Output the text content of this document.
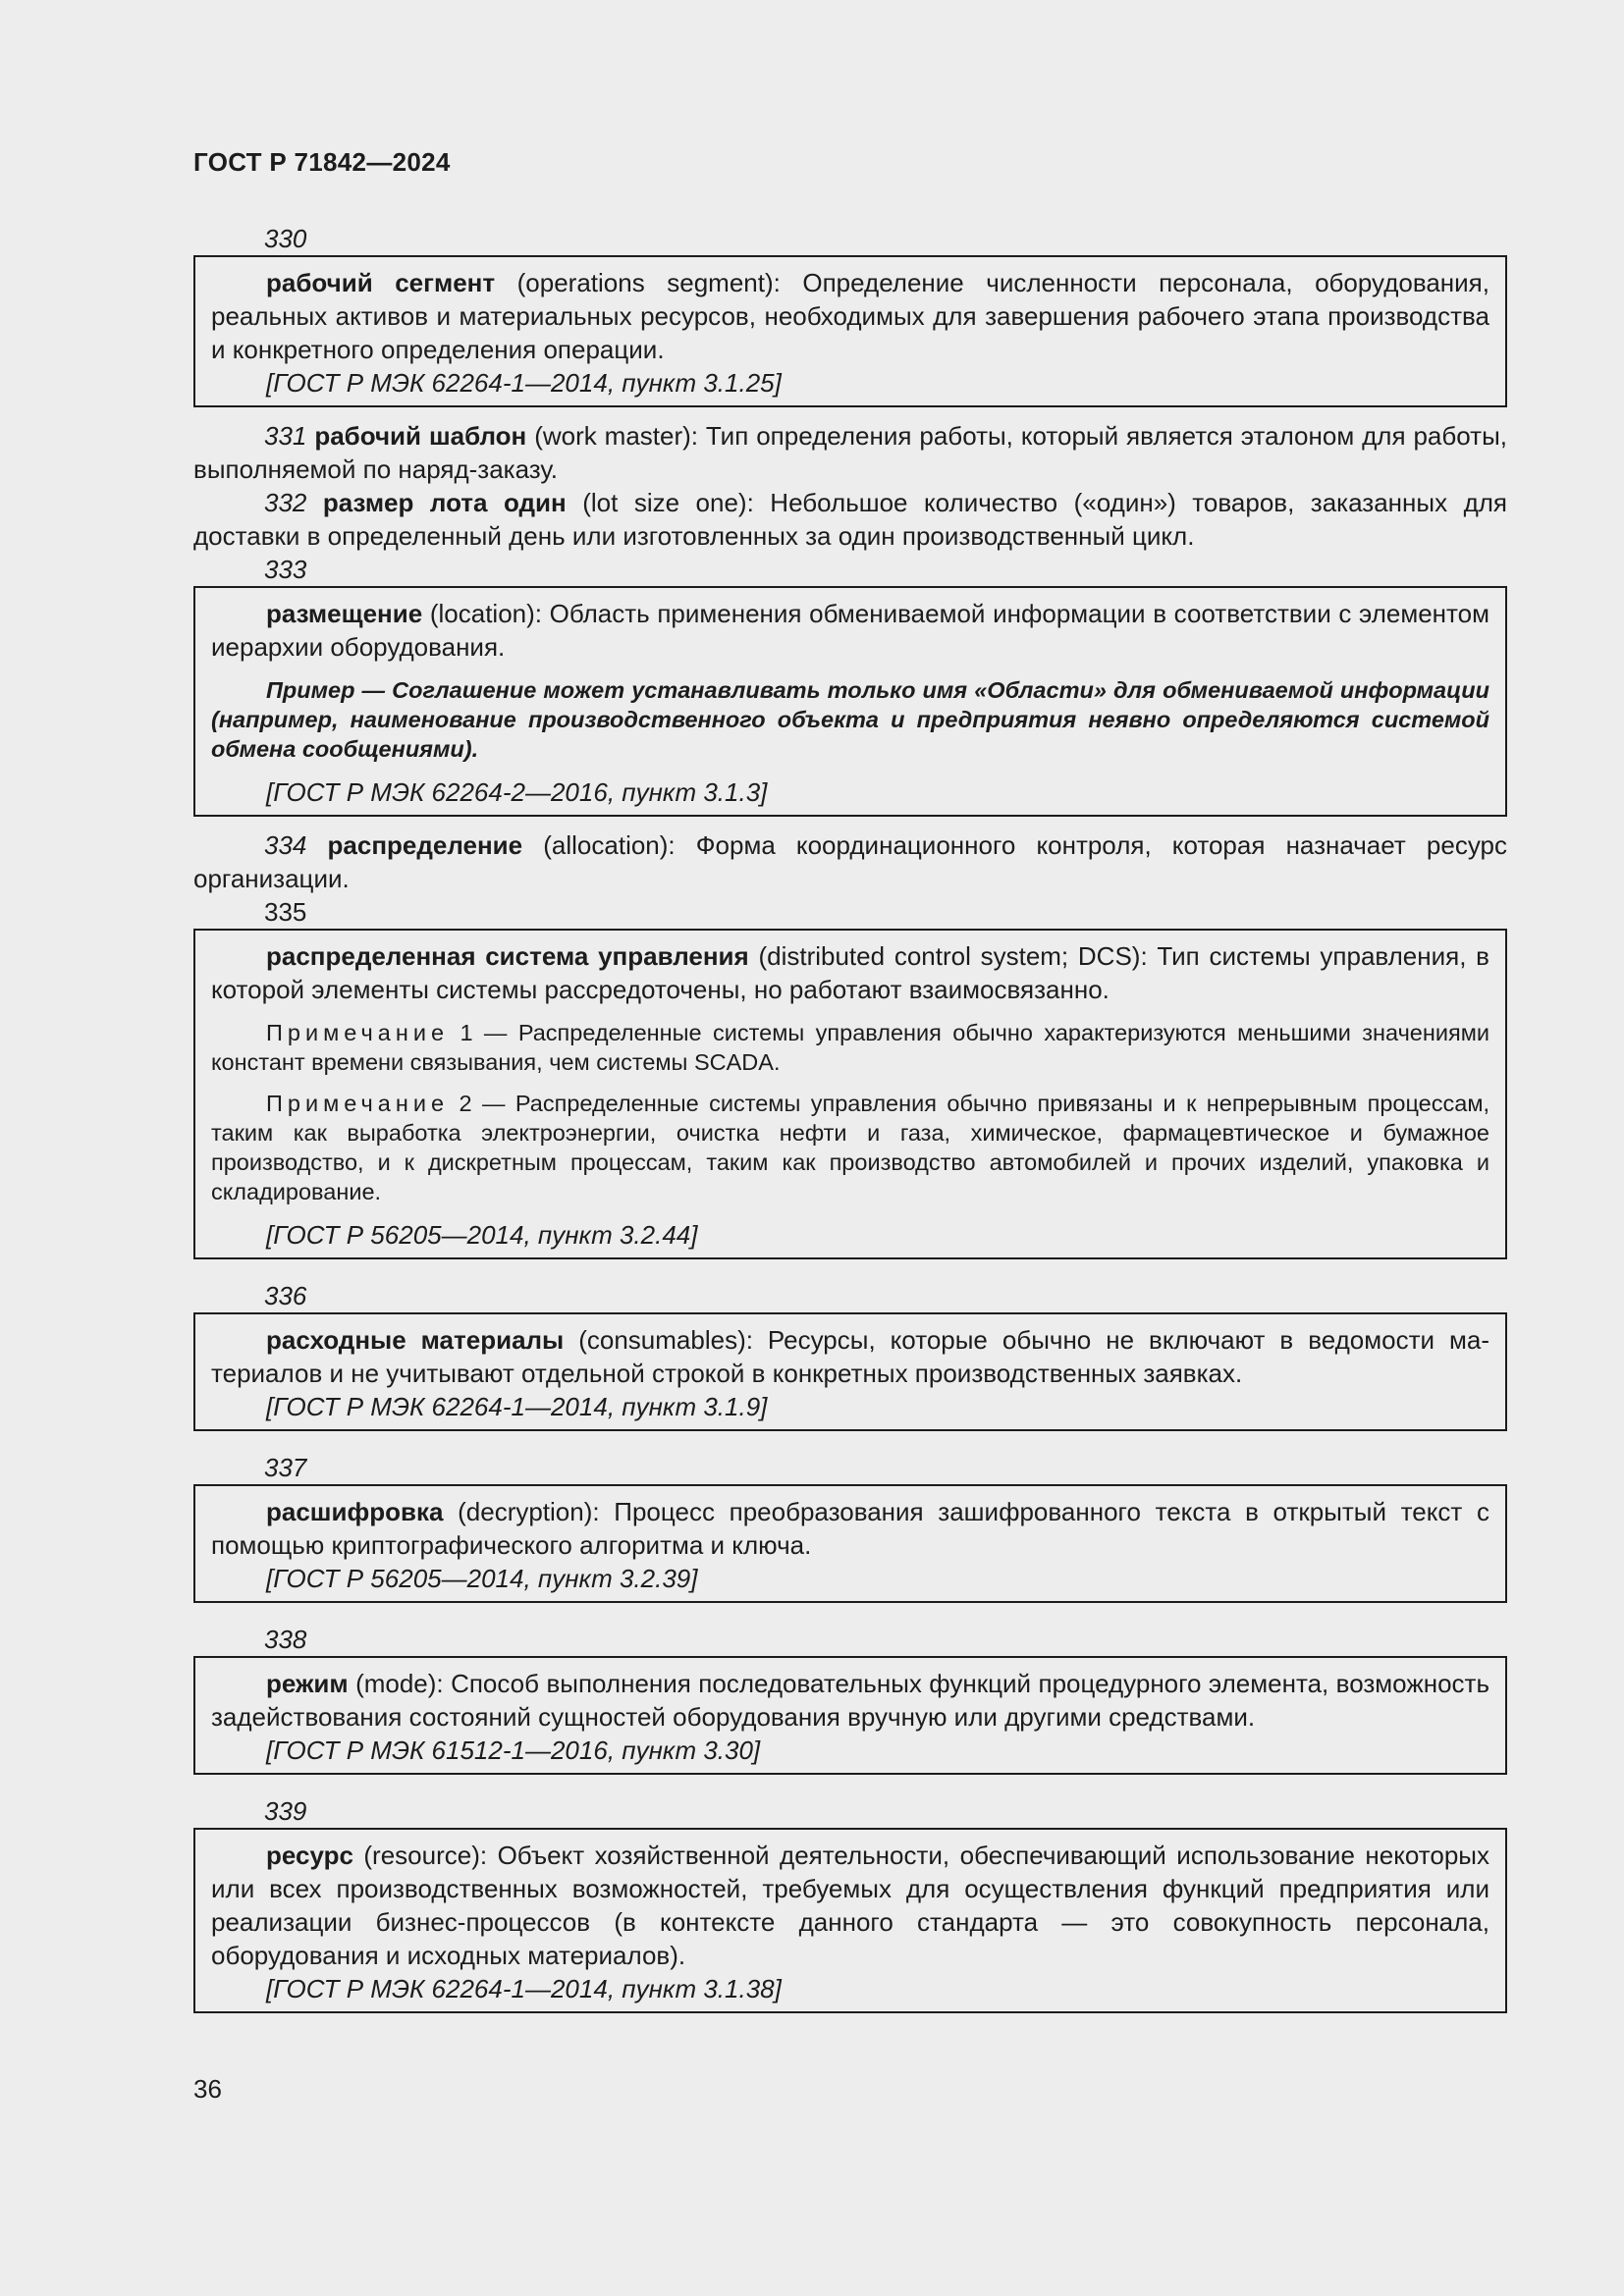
ГОСТ Р 71842—2024
330

рабочий сегмент (operations segment): Определение численности персонала, оборудования, реальных активов и материальных ресурсов, необходимых для завершения рабочего этапа производства и конкретного определения операции.

[ГОСТ Р МЭК 62264-1—2014, пункт 3.1.25]

331 рабочий шаблон (work master): Тип определения работы, который является эталоном для работы, выполняемой по наряд-заказу.

332 размер лота один (lot size one): Небольшое количество («один») товаров, заказанных для доставки в определенный день или изготовленных за один производственный цикл.

333

размещение (location): Область применения обмениваемой информации в соответствии с элементом иерархии оборудования.

Пример — Соглашение может устанавливать только имя «Области» для обмениваемой информации (например, наименование производственного объекта и предприятия неявно определяются системой обмена сообщениями).

[ГОСТ Р МЭК 62264-2—2016, пункт 3.1.3]

334 распределение (allocation): Форма координационного контроля, которая назначает ресурс организации.

335

распределенная система управления (distributed control system; DCS): Тип системы управления, в которой элементы системы рассредоточены, но работают взаимосвязанно.

Примечание 1 — Распределенные системы управления обычно характеризуются меньшими значениями констант времени связывания, чем системы SCADA.

Примечание 2 — Распределенные системы управления обычно привязаны и к непрерывным процессам, таким как выработка электроэнергии, очистка нефти и газа, химическое, фармацевтическое и бумажное производство, и к дискретным процессам, таким как производство автомобилей и прочих изделий, упаковка и складирование.

[ГОСТ Р 56205—2014, пункт 3.2.44]

336

расходные материалы (consumables): Ресурсы, которые обычно не включают в ведомости материалов и не учитывают отдельной строкой в конкретных производственных заявках.

[ГОСТ Р МЭК 62264-1—2014, пункт 3.1.9]

337

расшифровка (decryption): Процесс преобразования зашифрованного текста в открытый текст с помощью криптографического алгоритма и ключа.

[ГОСТ Р 56205—2014, пункт 3.2.39]

338

режим (mode): Способ выполнения последовательных функций процедурного элемента, возможность задействования состояний сущностей оборудования вручную или другими средствами.

[ГОСТ Р МЭК 61512-1—2016, пункт 3.30]

339

ресурс (resource): Объект хозяйственной деятельности, обеспечивающий использование некоторых или всех производственных возможностей, требуемых для осуществления функций предприятия или реализации бизнес-процессов (в контексте данного стандарта — это совокупность персонала, оборудования и исходных материалов).

[ГОСТ Р МЭК 62264-1—2014, пункт 3.1.38]

36
